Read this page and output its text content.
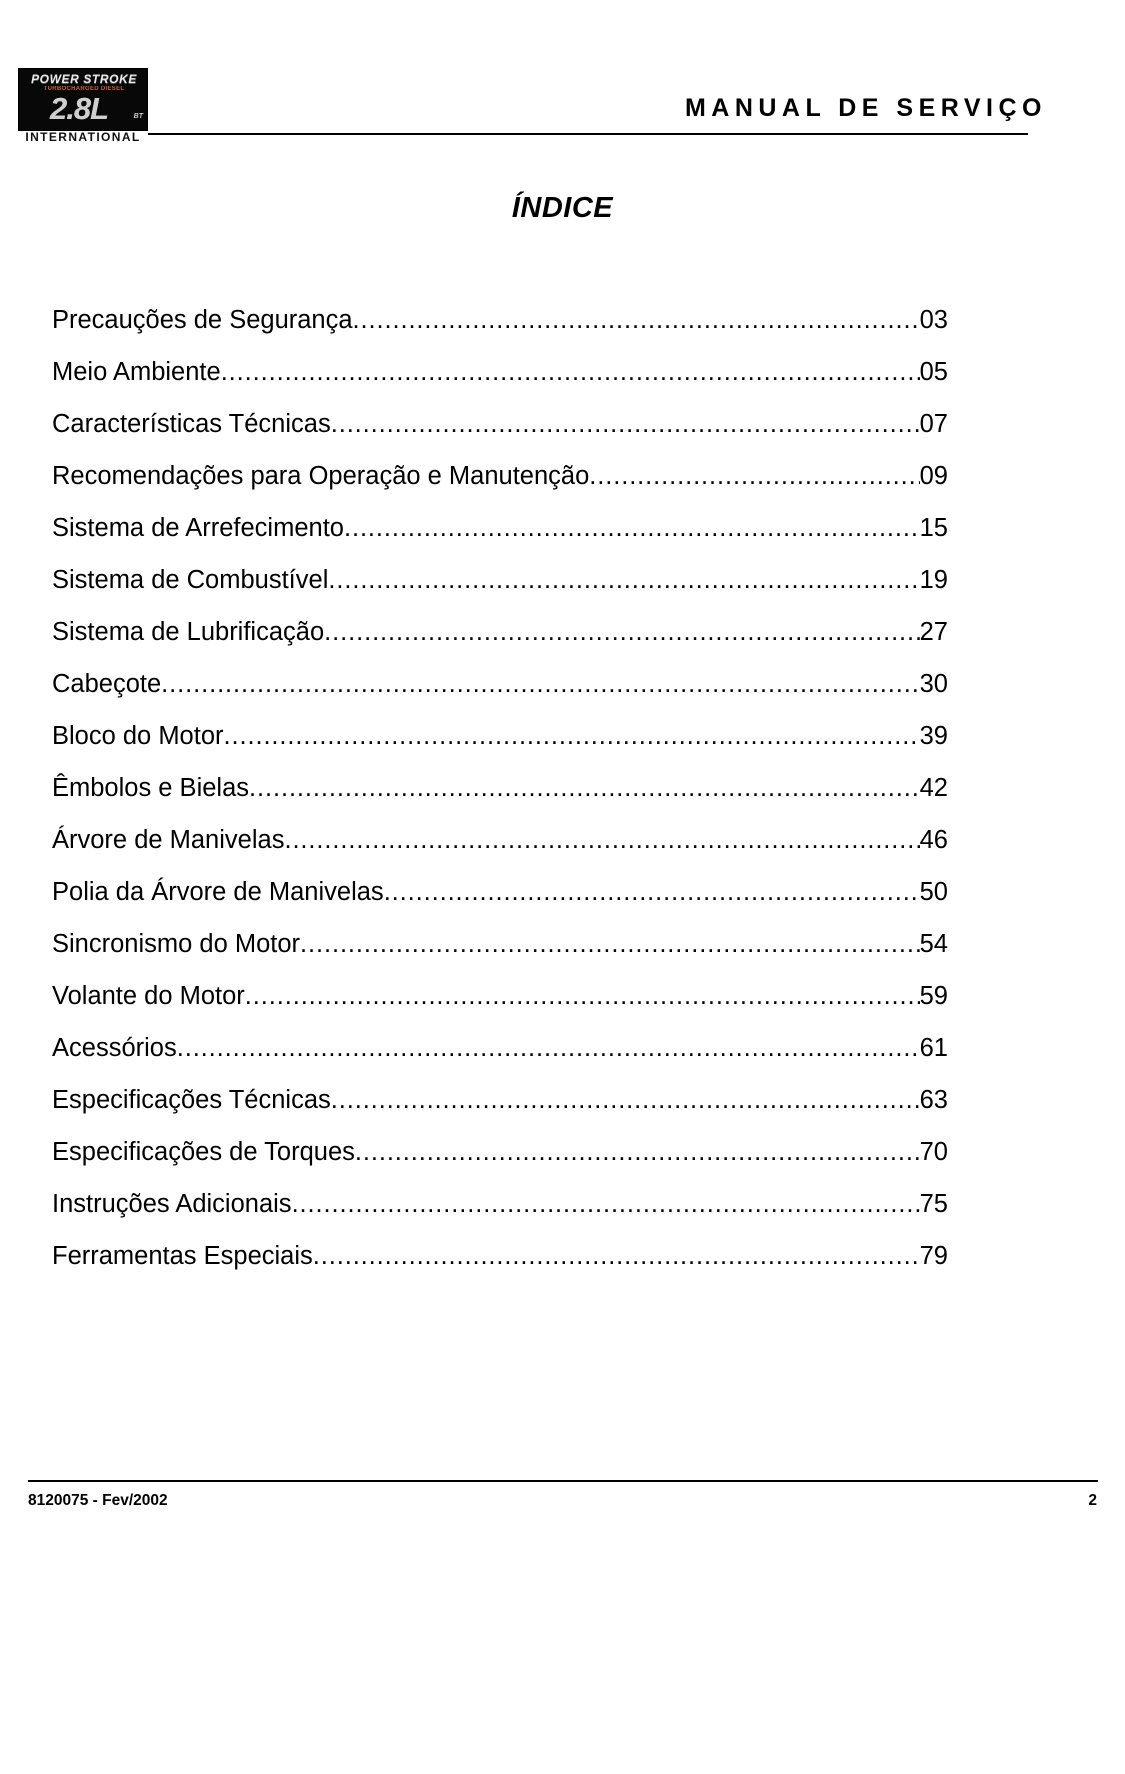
POWER STROKE
TURBOCHARGED DIESEL
2.8L	BT
INTERNATIONAL
MANUAL DE SERVIÇO
ÍNDICE
Precauções de Segurança .....	03
Meio Ambiente .....	05
Características Técnicas .....	07
Recomendações para Operação e Manutenção .....	09
Sistema de Arrefecimento .....	15
Sistema de Combustível .....	19
Sistema de Lubrificação .....	27
Cabeçote .....	30
Bloco do Motor .....	39
Êmbolos e Bielas .....	42
Árvore de Manivelas .....	46
Polia da Árvore de Manivelas .....	50
Sincronismo do Motor .....	54
Volante do Motor .....	59
Acessórios .....	61
Especificações Técnicas .....	63
Especificações de Torques .....	70
Instruções Adicionais .....	75
Ferramentas Especiais .....	79
8120075 - Fev/2002	2
